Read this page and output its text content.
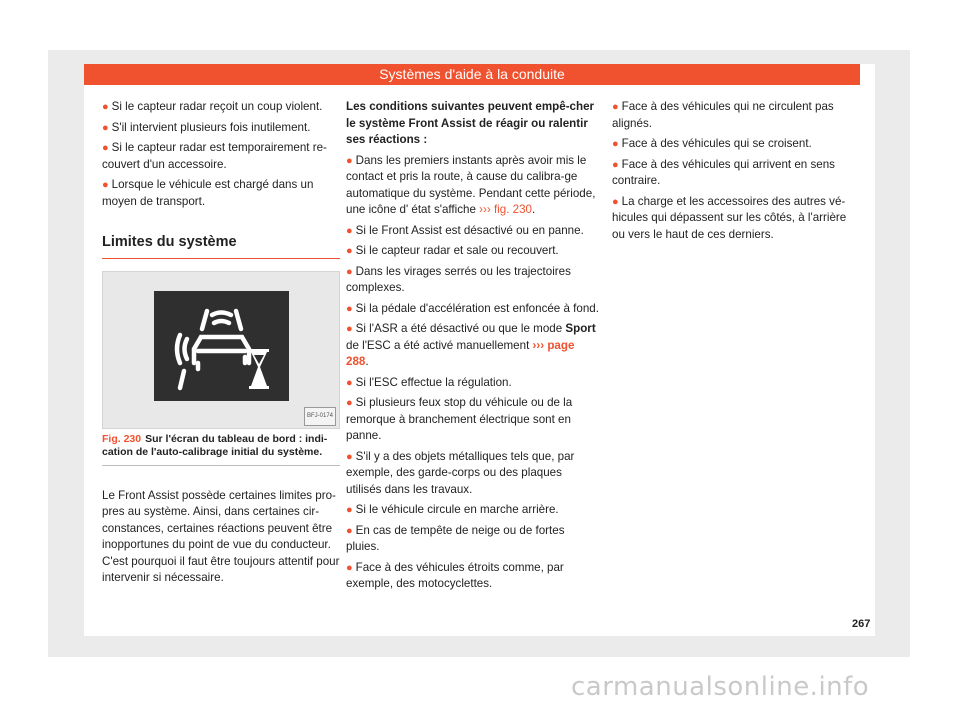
Systèmes d'aide à la conduite
● Si le capteur radar reçoit un coup violent.
● S'il intervient plusieurs fois inutilement.
● Si le capteur radar est temporairement re-couvert d'un accessoire.
● Lorsque le véhicule est chargé dans un moyen de transport.
Limites du système
BFJ-0174
Fig. 230 Sur l'écran du tableau de bord : indi-cation de l'auto-calibrage initial du système.
Le Front Assist possède certaines limites pro-pres au système. Ainsi, dans certaines cir-constances, certaines réactions peuvent être inopportunes du point de vue du conducteur. C'est pourquoi il faut être toujours attentif pour intervenir si nécessaire.
Les conditions suivantes peuvent empê-cher le système Front Assist de réagir ou ralentir ses réactions :
● Dans les premiers instants après avoir mis le contact et pris la route, à cause du calibra-ge automatique du système. Pendant cette période, une icône d' état s'affiche ››› fig. 230.
● Si le Front Assist est désactivé ou en panne.
● Si le capteur radar et sale ou recouvert.
● Dans les virages serrés ou les trajectoires complexes.
● Si la pédale d'accélération est enfoncée à fond.
● Si l'ASR a été désactivé ou que le mode Sport de l'ESC a été activé manuellement ››› page 288.
● Si l'ESC effectue la régulation.
● Si plusieurs feux stop du véhicule ou de la remorque à branchement électrique sont en panne.
● S'il y a des objets métalliques tels que, par exemple, des garde-corps ou des plaques utilisés dans les travaux.
● Si le véhicule circule en marche arrière.
● En cas de tempête de neige ou de fortes pluies.
● Face à des véhicules étroits comme, par exemple, des motocyclettes.
● Face à des véhicules qui ne circulent pas alignés.
● Face à des véhicules qui se croisent.
● Face à des véhicules qui arrivent en sens contraire.
● La charge et les accessoires des autres vé-hicules qui dépassent sur les côtés, à l'arrière ou vers le haut de ces derniers.
267
carmanualsonline.info
